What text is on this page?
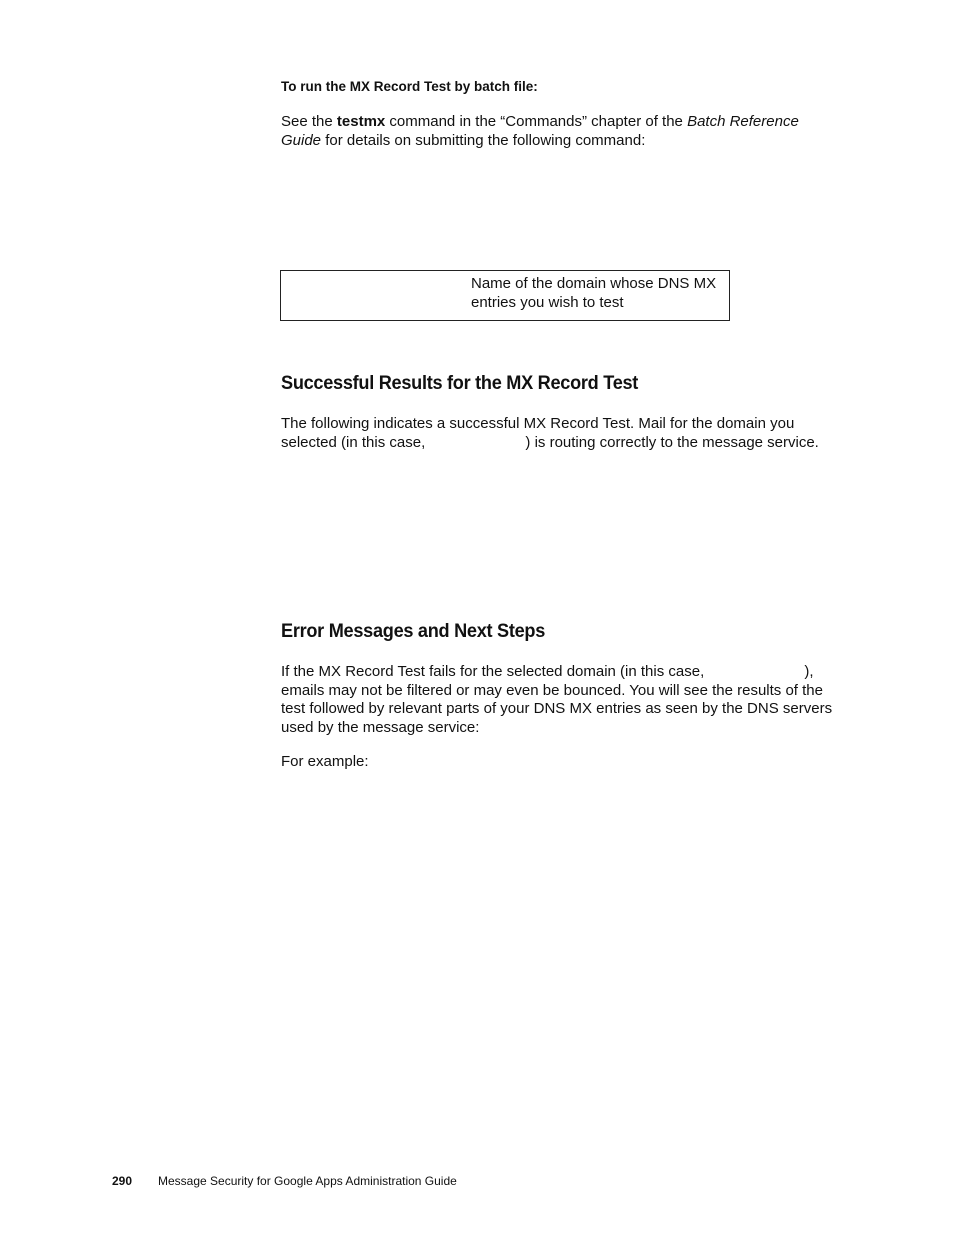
To run the MX Record Test by batch file:
See the testmx command in the “Commands” chapter of the Batch Reference Guide for details on submitting the following command:
Name of the domain whose DNS MX entries you wish to test
Successful Results for the MX Record Test
The following indicates a successful MX Record Test. Mail for the domain you selected (in this case,	) is routing correctly to the message service.
Error Messages and Next Steps
If the MX Record Test fails for the selected domain (in this case,	), emails may not be filtered or may even be bounced. You will see the results of the test followed by relevant parts of your DNS MX entries as seen by the DNS servers used by the message service:
For example:
290 Message Security for Google Apps Administration Guide
